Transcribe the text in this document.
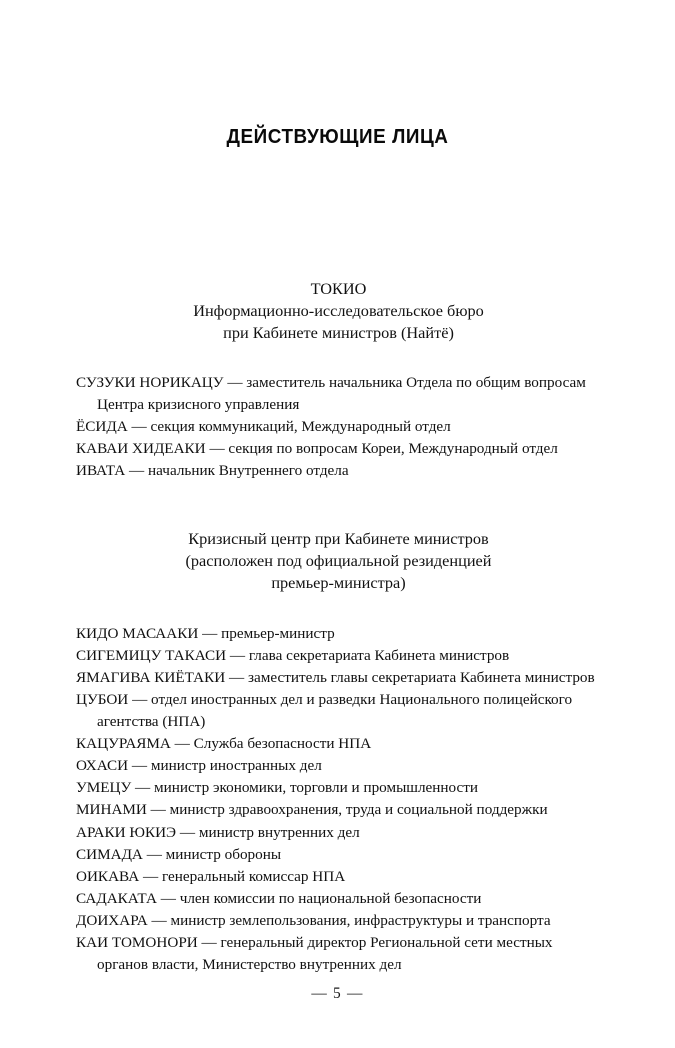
ДЕЙСТВУЮЩИЕ ЛИЦА
ТОКИО
Информационно-исследовательское бюро
при Кабинете министров (Найтё)
СУЗУКИ НОРИКАЦУ — заместитель начальника Отдела по общим вопросам Центра кризисного управления
ЁСИДА — секция коммуникаций, Международный отдел
КАВАИ ХИДЕАКИ — секция по вопросам Кореи, Международный отдел
ИВАТА — начальник Внутреннего отдела
Кризисный центр при Кабинете министров
(расположен под официальной резиденцией
премьер-министра)
КИДО МАСААКИ — премьер-министр
СИГЕМИЦУ ТАКАСИ — глава секретариата Кабинета министров
ЯМАГИВА КИЁТАКИ — заместитель главы секретариата Кабинета министров
ЦУБОИ — отдел иностранных дел и разведки Национального полицейского агентства (НПА)
КАЦУРАЯМА — Служба безопасности НПА
ОХАСИ — министр иностранных дел
УМЕЦУ — министр экономики, торговли и промышленности
МИНАМИ — министр здравоохранения, труда и социальной поддержки
АРАКИ ЮКИЭ — министр внутренних дел
СИМАДА — министр обороны
ОИКАВА — генеральный комиссар НПА
САДАКАТА — член комиссии по национальной безопасности
ДОИХАРА — министр землепользования, инфраструктуры и транспорта
КАИ ТОМОНОРИ — генеральный директор Региональной сети местных органов власти, Министерство внутренних дел
— 5 —
